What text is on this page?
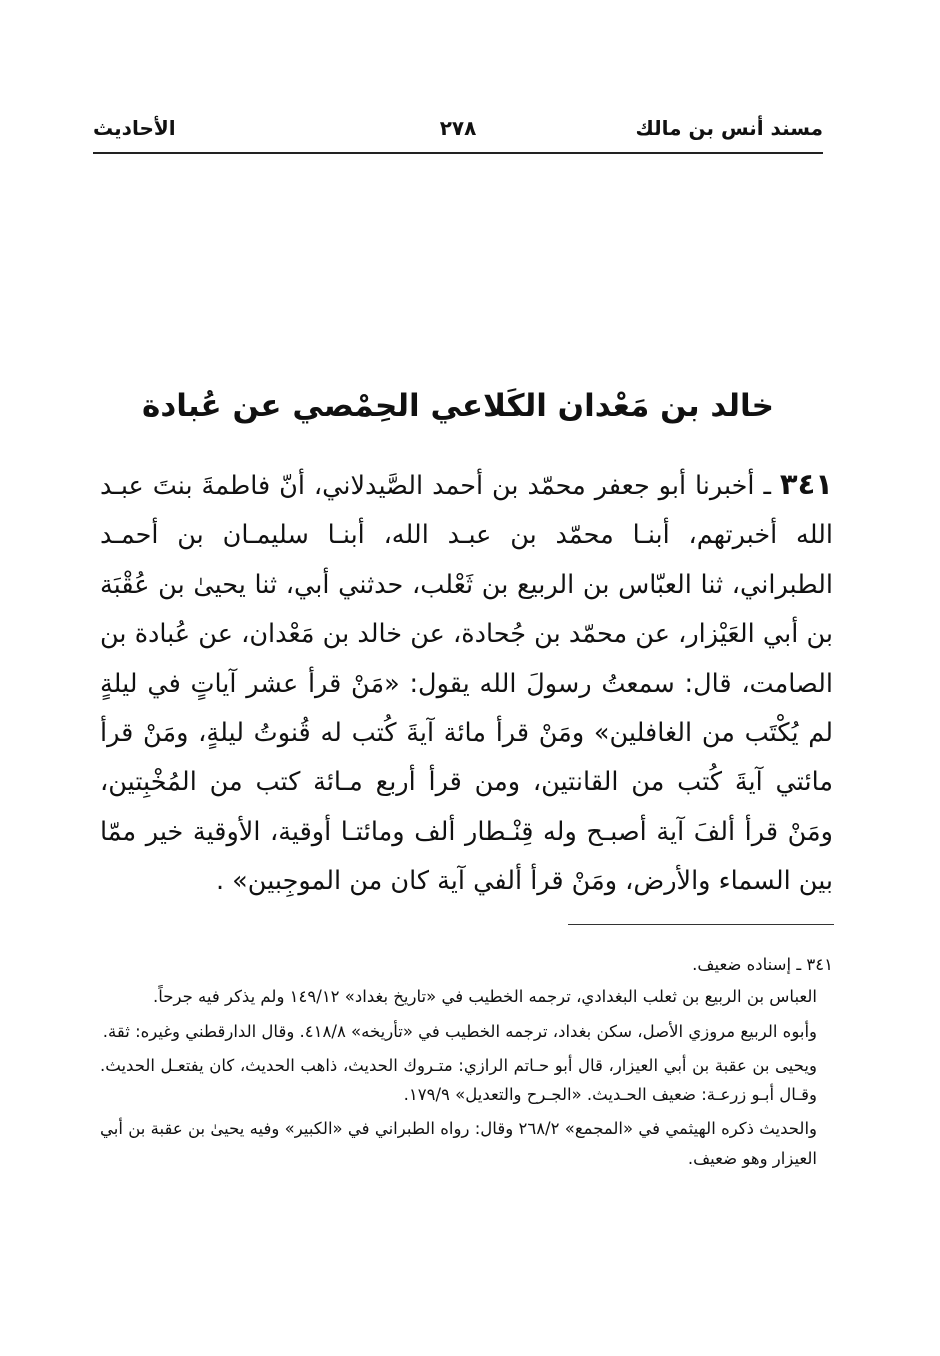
مسند أنس بن مالك
٢٧٨
الأحاديث
خالد بن مَعْدان الكَلاعي الحِمْصي عن عُبادة
٣٤١ ـ أخبرنا أبو جعفر محمّد بن أحمد الصَّيدلاني، أنّ فاطمةَ بنتَ عبـد الله أخبرتهم، أبنـا محمّد بن عبـد الله، أبنـا سليمـان بن أحمـد الطبراني، ثنا العبّاس بن الربيع بن ثَعْلب، حدثني أبي، ثنا يحيىٰ بن عُقْبَة بن أبي العَيْزار، عن محمّد بن جُحادة، عن خالد بن مَعْدان، عن عُبادة بن الصامت، قال: سمعتُ رسولَ الله يقول: «مَنْ قرأ عشر آياتٍ في ليلةٍ لم يُكْتَب من الغافلين» ومَنْ قرأ مائة آيةَ كُتب له قُنوتُ ليلةٍ، ومَنْ قرأ مائتي آيةَ كُتب من القانتين، ومن قرأ أربع مـائة كتب من المُخْبِتين، ومَنْ قرأ ألفَ آية أصبـح وله قِنْـطار ألف ومائتـا أوقية، الأوقية خير ممّا بين السماء والأرض، ومَنْ قرأ ألفي آية كان من الموجِبين» .

٣٤١ ـ إسناده ضعيف.

العباس بن الربيع بن ثعلب البغدادي، ترجمه الخطيب في «تاريخ بغداد» ١٤٩/١٢ ولم يذكر فيه جرحاً.

وأبوه الربيع مروزي الأصل، سكن بغداد، ترجمه الخطيب في «تأريخه» ٤١٨/٨. وقال الدارقطني وغيره: ثقة.

ويحيى بن عقبة بن أبي العيزار، قال أبو حـاتم الرازي: متـروك الحديث، ذاهب الحديث، كان يفتعـل الحديث. وقـال أبـو زرعـة: ضعيف الحـديث. «الجـرح والتعديل» ١٧٩/٩.

والحديث ذكره الهيثمي في «المجمع» ٢٦٨/٢ وقال: رواه الطبراني في «الكبير» وفيه يحيىٰ بن عقبة بن أبي العيزار وهو ضعيف.
